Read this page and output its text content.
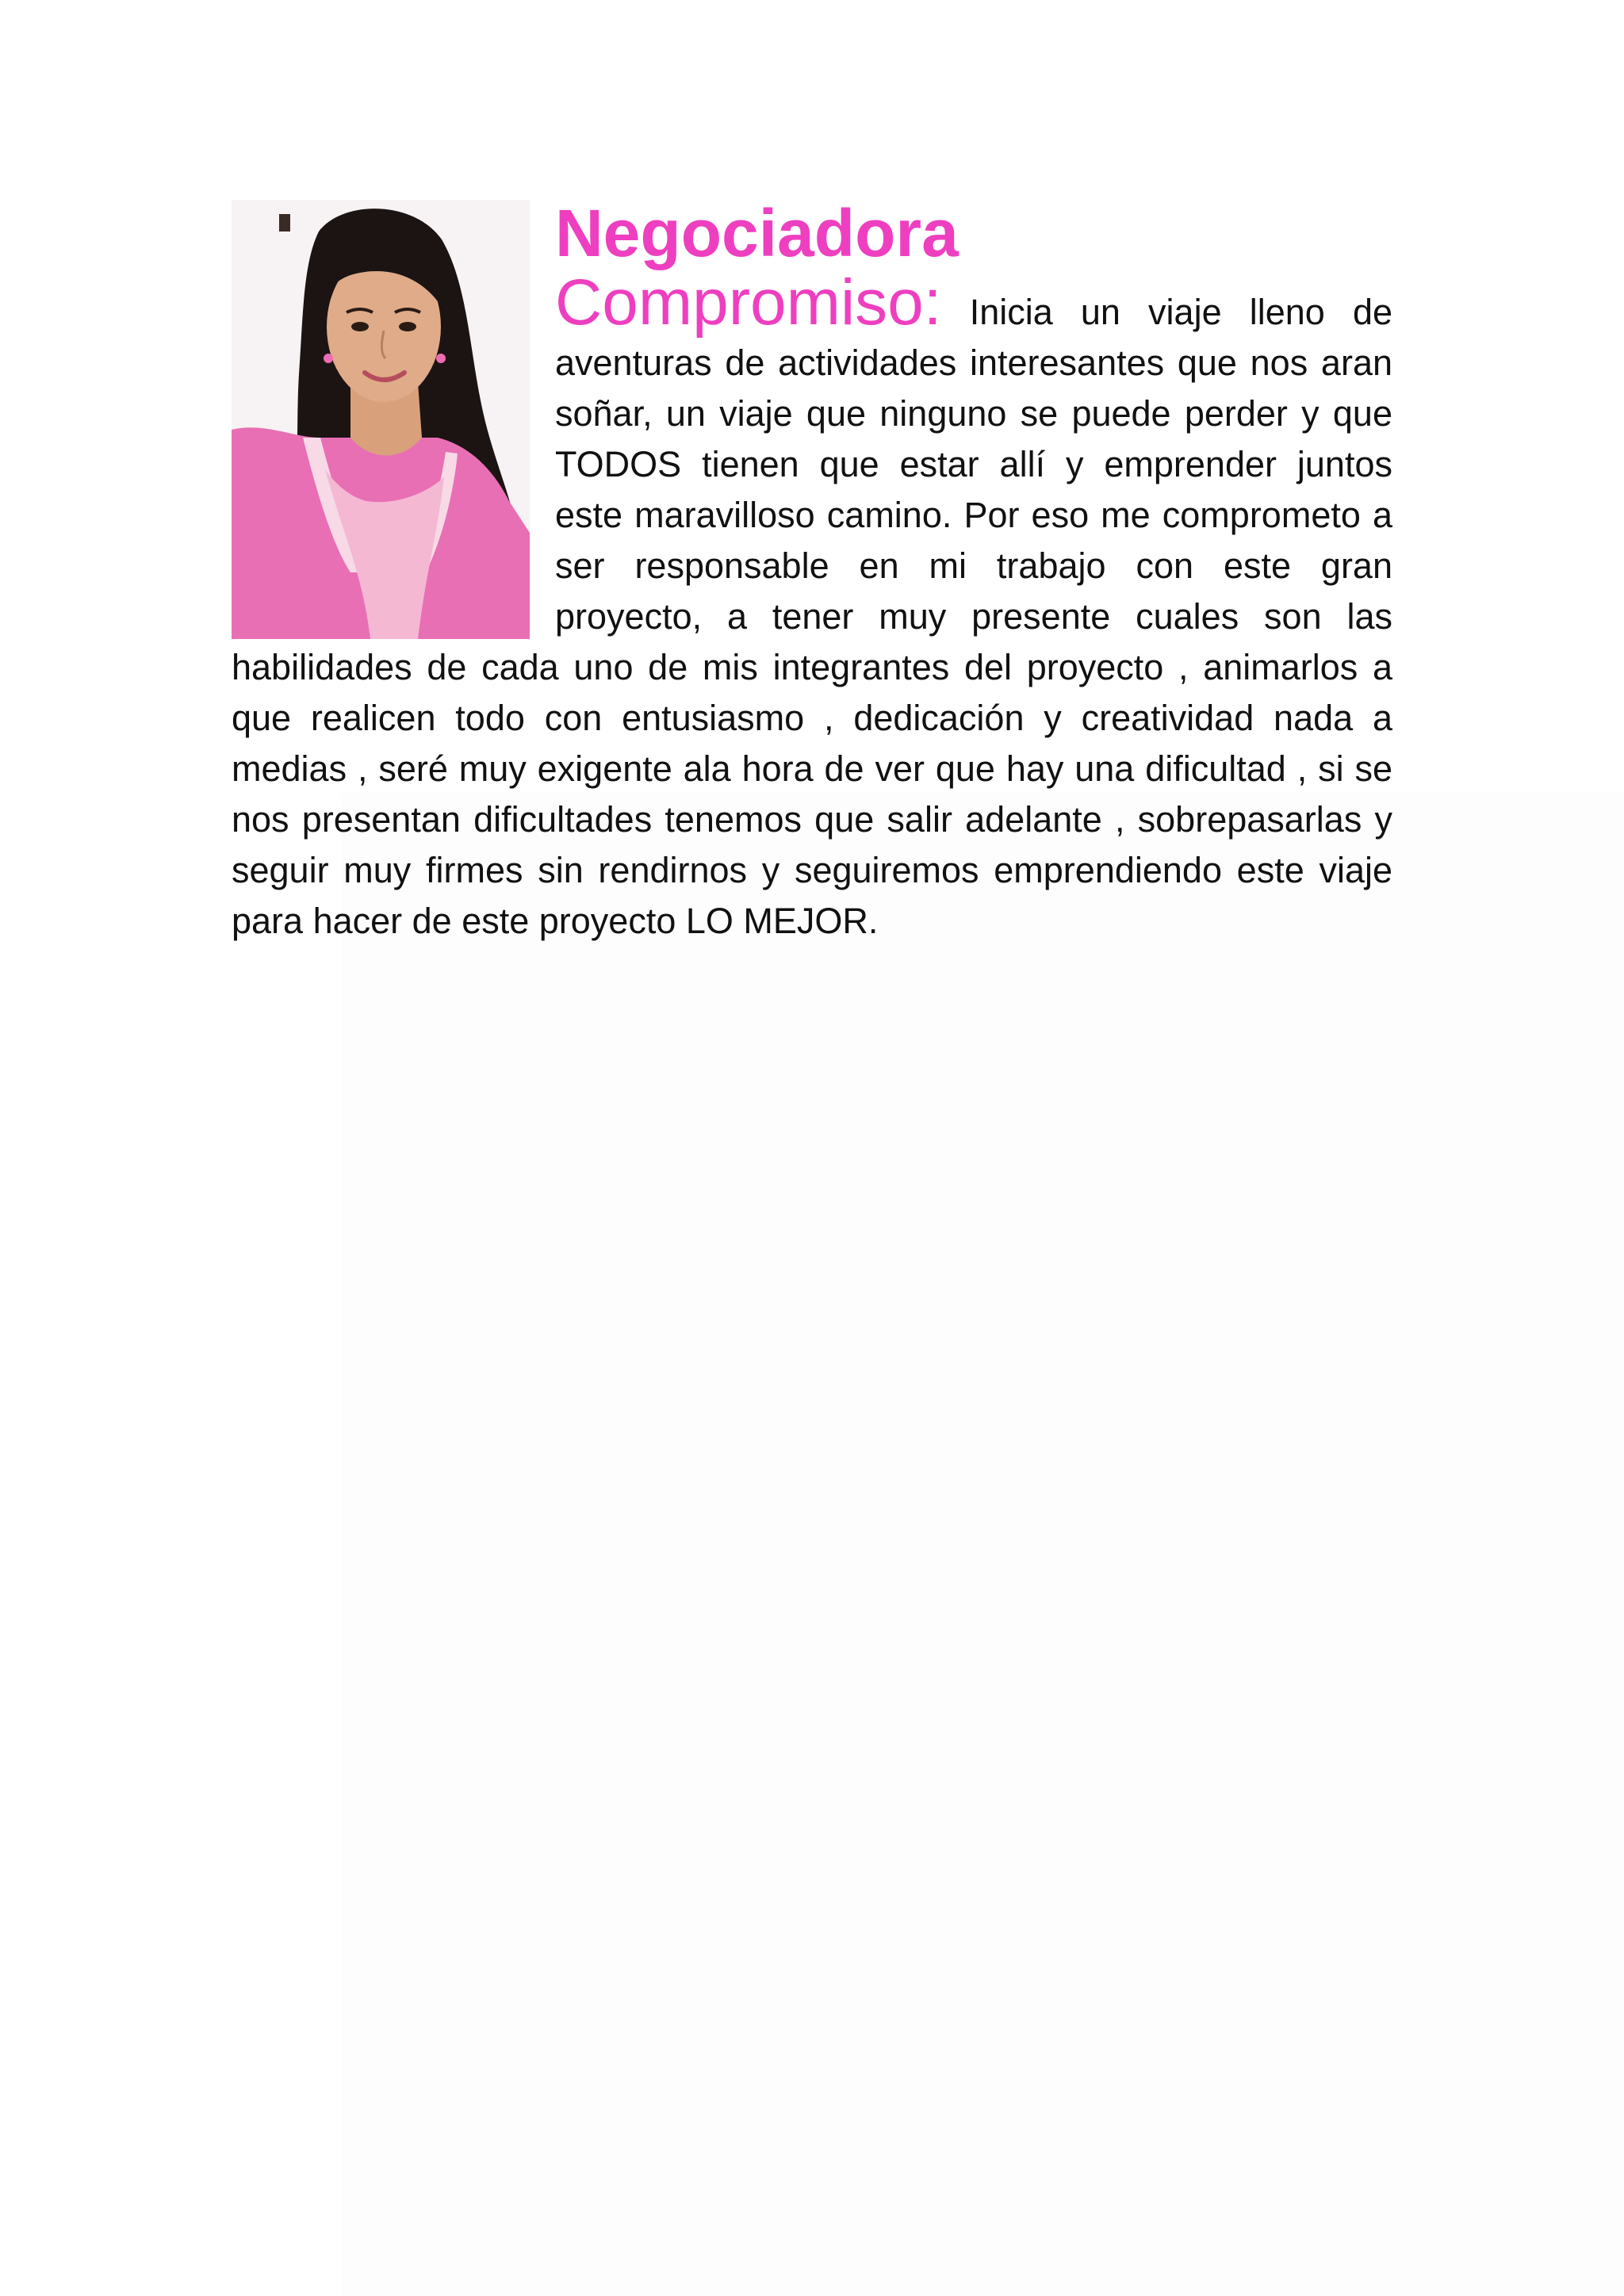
Negociadora

Compromiso: Inicia un viaje lleno de aventuras de actividades interesantes que nos aran soñar, un viaje que ninguno se puede perder y que TODOS tienen que estar allí y emprender juntos este maravilloso camino. Por eso me comprometo a ser responsable en mi trabajo con este gran proyecto, a tener muy presente cuales son las habilidades de cada uno de mis integrantes del proyecto , animarlos a que realicen todo con entusiasmo , dedicación y creatividad nada a medias , seré muy exigente ala hora de ver que hay una dificultad , si se nos presentan dificultades tenemos que salir adelante , sobrepasarlas y seguir muy firmes sin rendirnos y seguiremos emprendiendo este viaje para hacer de este proyecto LO MEJOR.
